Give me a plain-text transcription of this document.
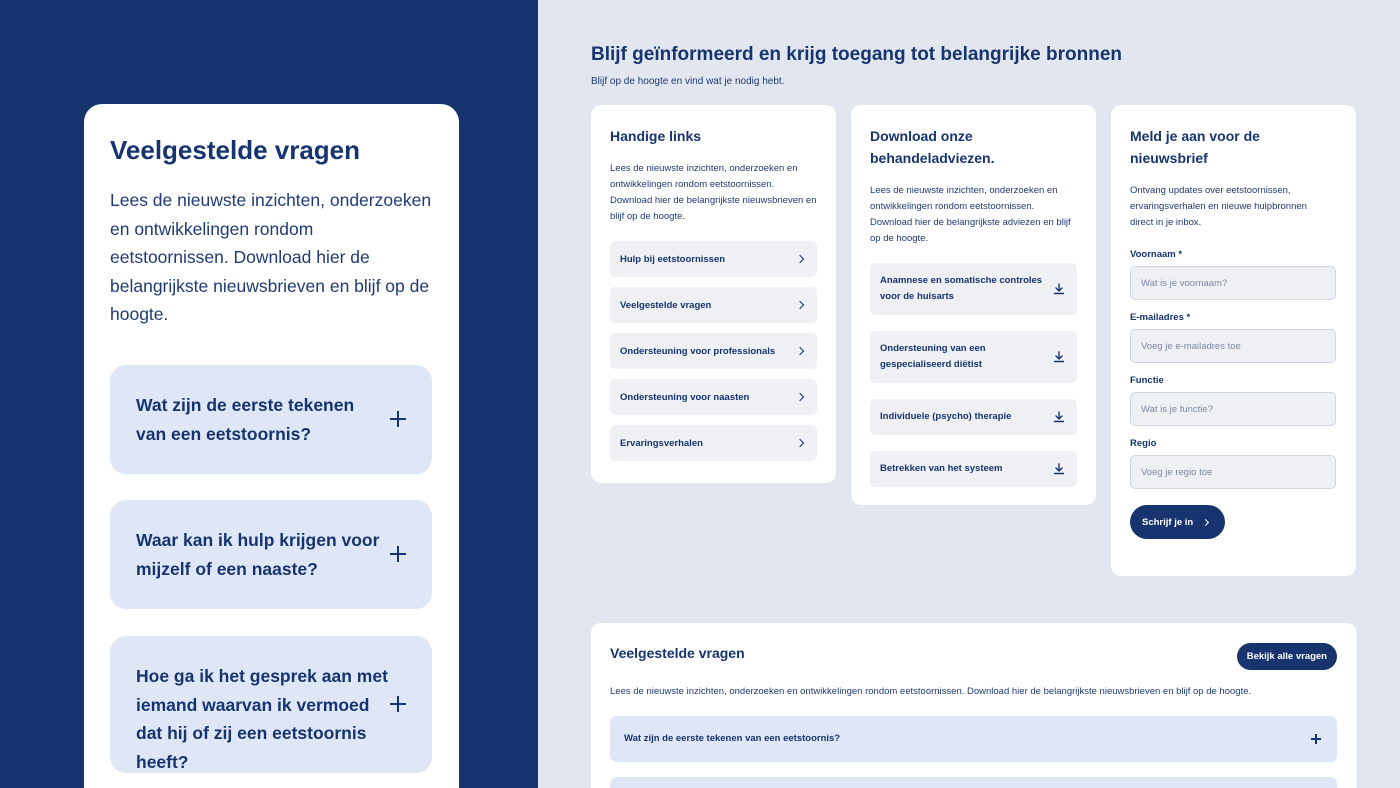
Veelgestelde vragen
Lees de nieuwste inzichten, onderzoeken en ontwikkelingen rondom eetstoornissen. Download hier de belangrijkste nieuwsbrieven en blijf op de hoogte.
Wat zijn de eerste tekenen van een eetstoornis?
Waar kan ik hulp krijgen voor mijzelf of een naaste?
Hoe ga ik het gesprek aan met iemand waarvan ik vermoed dat hij of zij een eetstoornis heeft?
Blijf geïnformeerd en krijg toegang tot belangrijke bronnen
Blijf op de hoogte en vind wat je nodig hebt.
Handige links

Lees de nieuwste inzichten, onderzoeken en ontwikkelingen rondom eetstoornissen. Download hier de belangrijkste nieuwsbrieven en blijf op de hoogte.

Hulp bij eetstoornissen
Veelgestelde vragen
Ondersteuning voor professionals
Ondersteuning voor naasten
Ervaringsverhalen
Download onze behandeladviezen.

Lees de nieuwste inzichten, onderzoeken en ontwikkelingen rondom eetstoornissen. Download hier de belangrijkste adviezen en blijf op de hoogte.

Anamnese en somatische controles voor de huisarts
Ondersteuning van een gespecialiseerd diëtist
Individuele (psycho) therapie
Betrekken van het systeem
Meld je aan voor de nieuwsbrief

Ontvang updates over eetstoornissen, ervaringsverhalen en nieuwe hulpbronnen direct in je inbox.

Voornaam *
Wat is je voornaam?
E-mailadres *
Voeg je e-mailadres toe
Functie
Wat is je functie?
Regio
Voeg je regio toe
Schrijf je in
Veelgestelde vragen	Bekijk alle vragen

Lees de nieuwste inzichten, onderzoeken en ontwikkelingen rondom eetstoornissen. Download hier de belangrijkste nieuwsbrieven en blijf op de hoogte.

Wat zijn de eerste tekenen van een eetstoornis?
